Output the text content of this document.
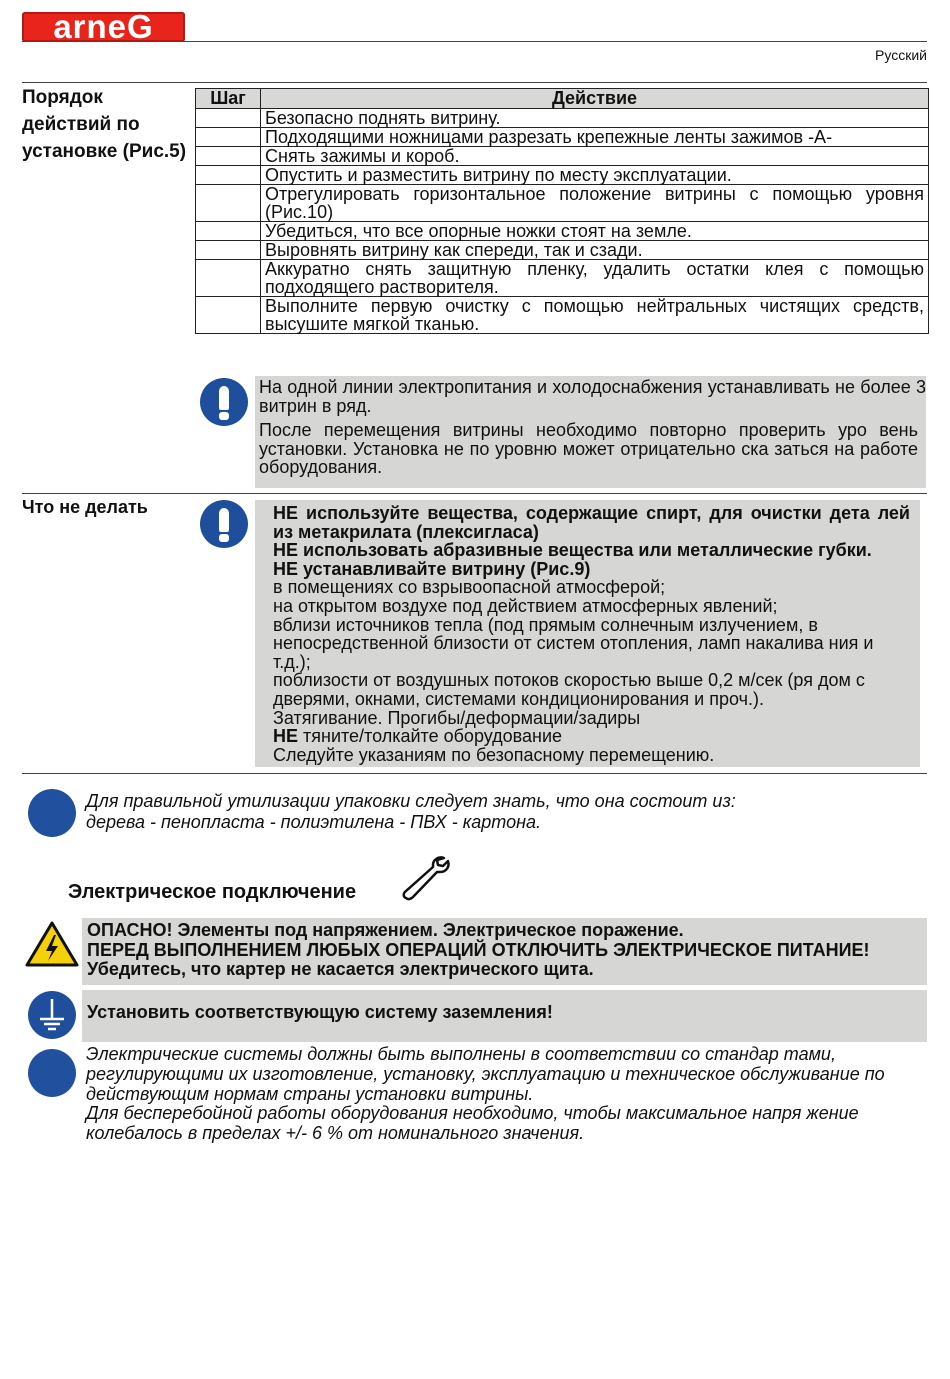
arneG
Русский
Порядок действий по установке (Рис.5)
Шаг	Действие
	Безопасно поднять витрину.
	Подходящими ножницами разрезать крепежные ленты зажимов -А-
	Снять зажимы и короб.
	Опустить и разместить витрину по месту эксплуатации.
	Отрегулировать горизонтальное положение витрины с помощью уровня (Рис.10)
	Убедиться, что все опорные ножки стоят на земле.
	Выровнять витрину как спереди, так и сзади.
	Аккуратно снять защитную пленку, удалить остатки клея с помощью подходящего растворителя.
	Выполните первую очистку с помощью нейтральных чистящих средств, высушите мягкой тканью.

На одной линии электропитания и холодоснабжения устанавливать не более 3 витрин в ряд.

После перемещения витрины необходимо повторно проверить уро вень установки. Установка не по уровню может отрицательно ска заться на работе оборудования.

Что не делать	НЕ используйте вещества, содержащие спирт, для очистки дета лей из метакрилата (плексигласа)

НЕ использовать абразивные вещества или металлические губки.

НЕ устанавливайте витрину (Рис.9)

в помещениях со взрывоопасной атмосферой;

на открытом воздухе под действием атмосферных явлений;

вблизи источников тепла (под прямым солнечным излучением, в непосредственной близости от систем отопления, ламп накалива ния и т.д.);

поблизости от воздушных потоков скоростью выше 0,2 м/сек (ря дом с дверями, окнами, системами кондиционирования и проч.).

Затягивание. Прогибы/деформации/задиры

НЕ тяните/толкайте оборудование

Следуйте указаниям по безопасному перемещению.

Для правильной утилизации упаковки следует знать, что она состоит из:

дерева - пенопласта - полиэтилена - ПВХ - картона.

Электрическое подключение

ОПАСНО! Элементы под напряжением. Электрическое поражение.

ПЕРЕД ВЫПОЛНЕНИЕМ ЛЮБЫХ ОПЕРАЦИЙ ОТКЛЮЧИТЬ ЭЛЕКТРИЧЕСКОЕ ПИТАНИЕ!

Убедитесь, что картер не касается электрического щита.

Установить соответствующую систему заземления!

Электрические системы должны быть выполнены в соответствии со стандар тами, регулирующими их изготовление, установку, эксплуатацию и техническое обслуживание по действующим нормам страны установки витрины.

Для бесперебойной работы оборудования необходимо, чтобы максимальное напря жение колебалось в пределах +/- 6 % от номинального значения.
